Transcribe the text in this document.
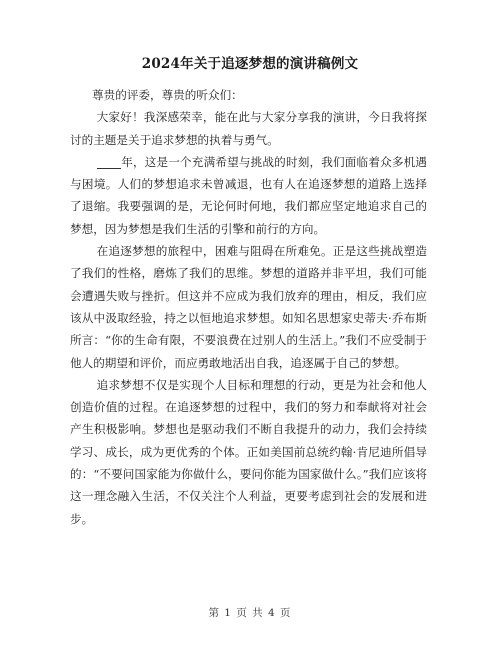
2024年关于追逐梦想的演讲稿例文

尊贵的评委，尊贵的听众们：

大家好！我深感荣幸，能在此与大家分享我的演讲，今日我将探讨的主题是关于追求梦想的执着与勇气。

年，这是一个充满希望与挑战的时刻，我们面临着众多机遇与困境。人们的梦想追求未曾减退，也有人在追逐梦想的道路上选择了退缩。我要强调的是，无论何时何地，我们都应坚定地追求自己的梦想，因为梦想是我们生活的引擎和前行的方向。

在追逐梦想的旅程中，困难与阻碍在所难免。正是这些挑战塑造了我们的性格，磨炼了我们的思维。梦想的道路并非平坦，我们可能会遭遇失败与挫折。但这并不应成为我们放弃的理由，相反，我们应该从中汲取经验，持之以恒地追求梦想。如知名思想家史蒂夫·乔布斯所言：“你的生命有限，不要浪费在过别人的生活上。”我们不应受制于他人的期望和评价，而应勇敢地活出自我，追逐属于自己的梦想。

追求梦想不仅是实现个人目标和理想的行动，更是为社会和他人创造价值的过程。在追逐梦想的过程中，我们的努力和奉献将对社会产生积极影响。梦想也是驱动我们不断自我提升的动力，我们会持续学习、成长，成为更优秀的个体。正如美国前总统约翰·肯尼迪所倡导的：“不要问国家能为你做什么，要问你能为国家做什么。”我们应该将这一理念融入生活，不仅关注个人利益，更要考虑到社会的发展和进步。

第 1 页 共 4 页
